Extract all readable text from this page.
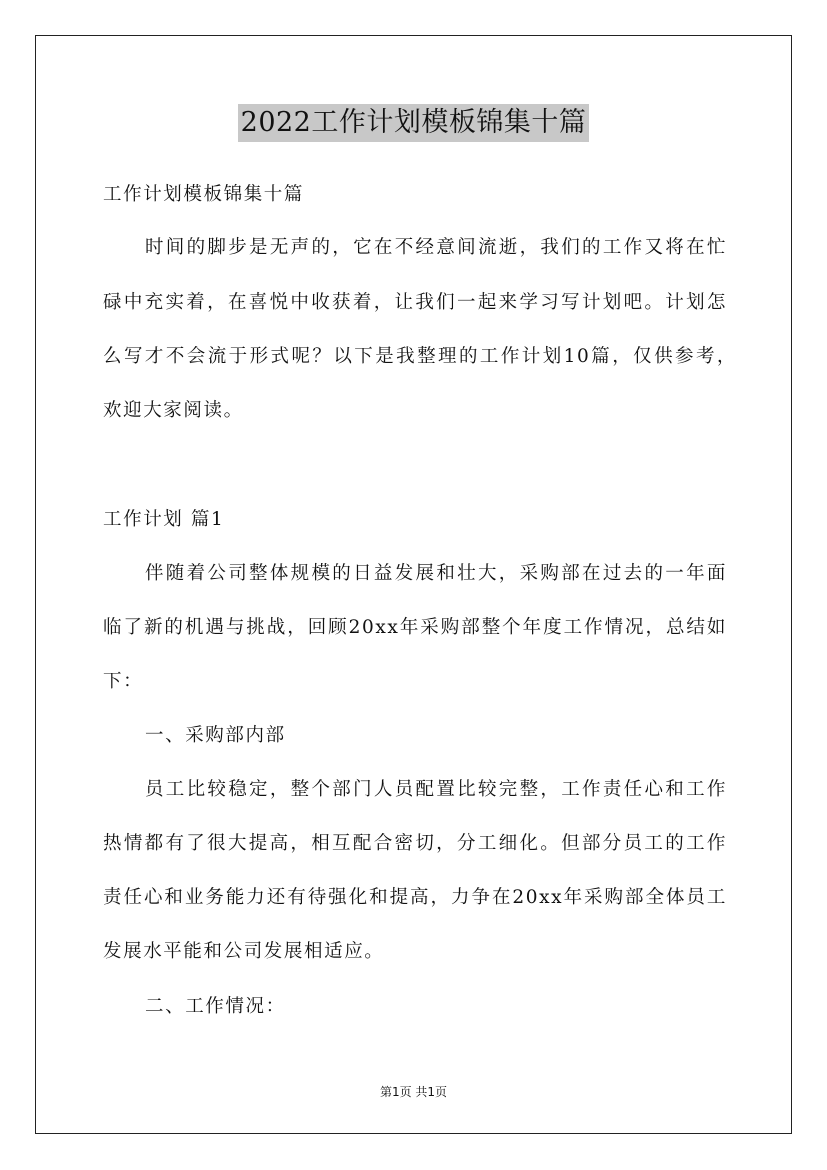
2022工作计划模板锦集十篇
工作计划模板锦集十篇
时间的脚步是无声的，它在不经意间流逝，我们的工作又将在忙
碌中充实着，在喜悦中收获着，让我们一起来学习写计划吧。计划怎
么写才不会流于形式呢？以下是我整理的工作计划10篇，仅供参考，
欢迎大家阅读。
工作计划 篇1
伴随着公司整体规模的日益发展和壮大，采购部在过去的一年面
临了新的机遇与挑战，回顾20xx年采购部整个年度工作情况，总结如
下：
一、采购部内部
员工比较稳定，整个部门人员配置比较完整，工作责任心和工作
热情都有了很大提高，相互配合密切，分工细化。但部分员工的工作
责任心和业务能力还有待强化和提高，力争在20xx年采购部全体员工
发展水平能和公司发展相适应。
二、工作情况：
第1页 共1页
